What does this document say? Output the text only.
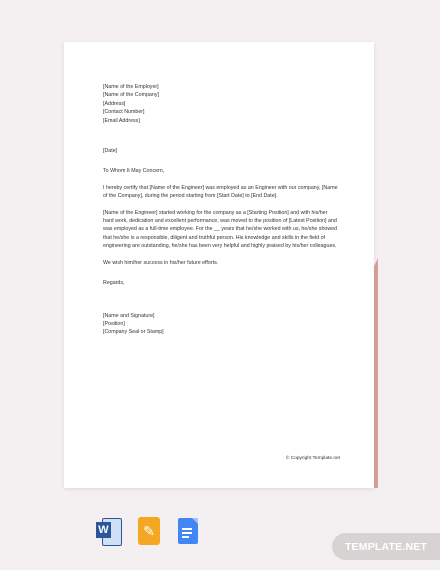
[Name of the Employer]
[Name of the Company]
[Address]
[Contact Number]
[Email Address]
[Date]
To Whom It May Concern,
I hereby certify that [Name of the Engineer] was employed as an Engineer with our company, [Name of the Company], during the period starting from [Start Date] to [End Date].
[Name of the Engineer] started working for the company as a [Starting Position] and with his/her hard work, dedication and excellent performance, was moved to the position of [Latest Position] and was employed as a full-time employee. For the __ years that he/she worked with us, he/she showed that he/she is a responsible, diligent and truthful person. His knowledge and skills in the field of engineering are outstanding, he/she has been very helpful and highly praised by his/her colleagues.
We wish him/her success in his/her future efforts.
Regards,
[Name and Signature]
[Position]
[Company Seal or Stamp]
© Copyright Template.net
W	✎
TEMPLATE.NET
